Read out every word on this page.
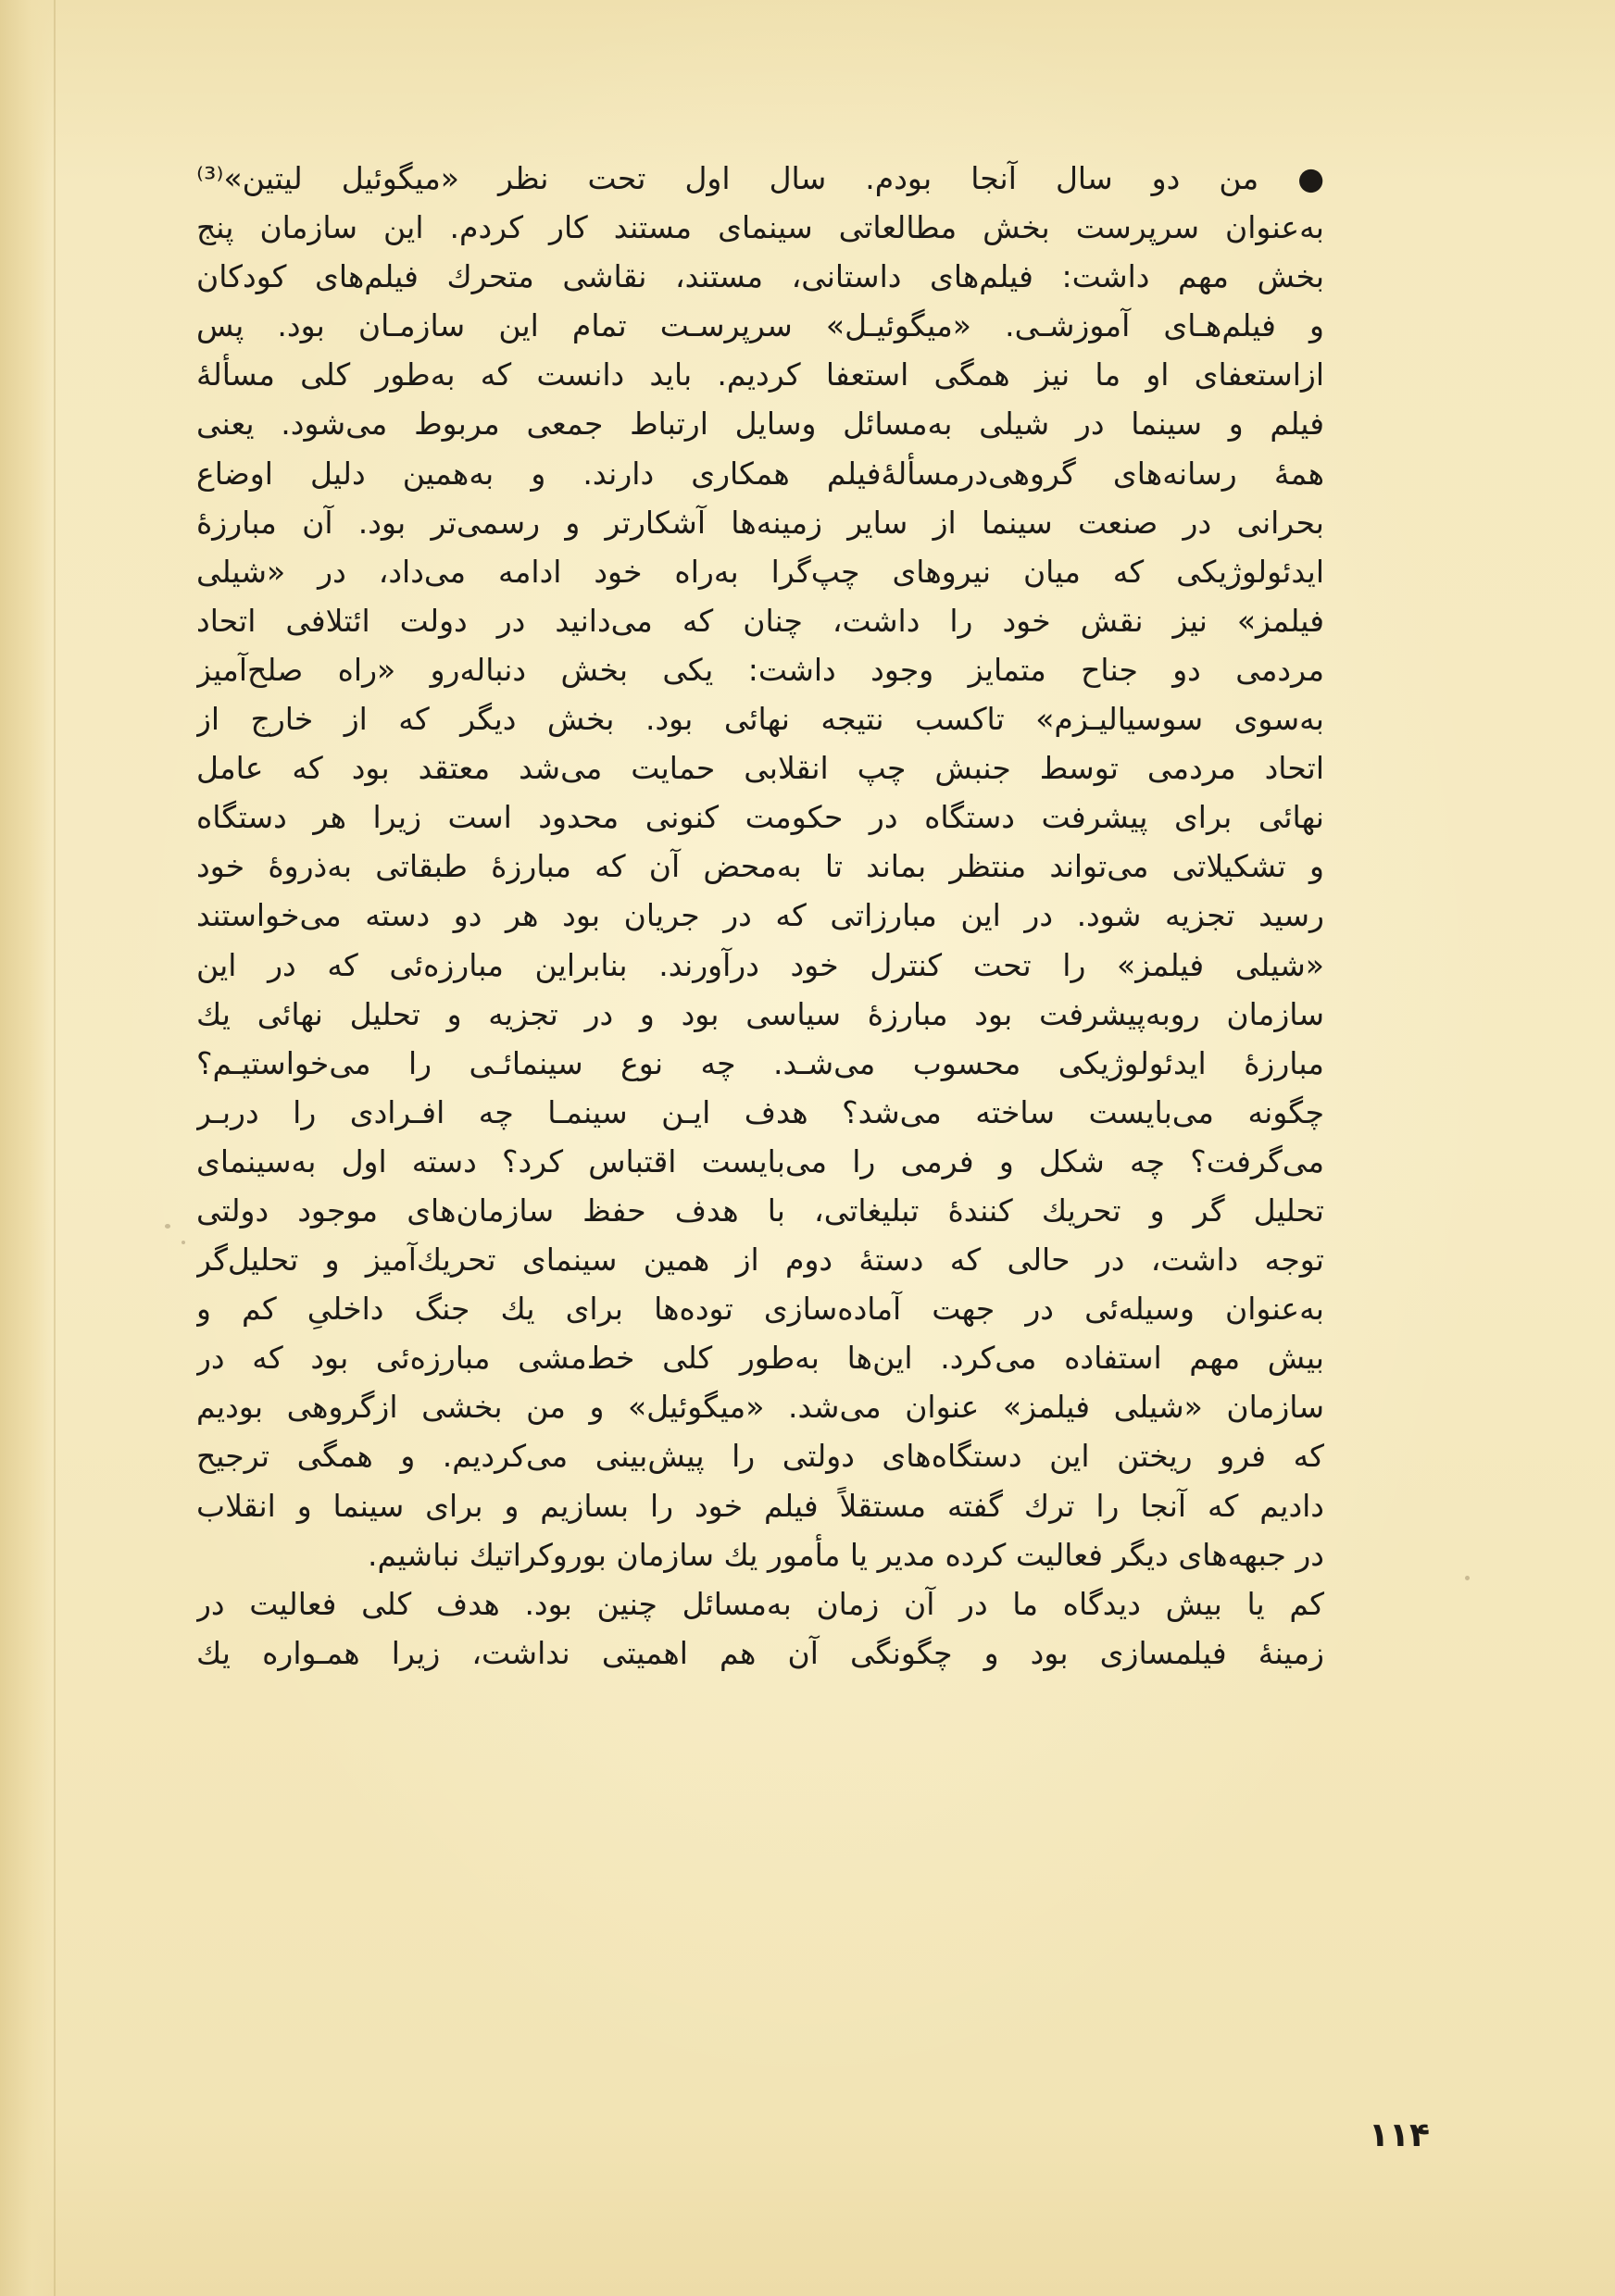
● من دو سال آنجا بودم. سال اول تحت نظر «میگوئیل لیتین»⁽³⁾
به‌عنوان سرپرست بخش مطالعاتی سینمای مستند کار کردم. این سازمان پنج
بخش مهم داشت: فیلم‌های داستانی، مستند، نقاشی متحرك فیلم‌های کودکان
و فیلم‌هـای آموزشـی. «میگوئیـل» سرپرسـت تمام این سازمـان بود. پس
ازاستعفای او ما نیز همگی استعفا کردیم. باید دانست که به‌طور کلی مسألۀ
فیلم و سینما در شیلی به‌مسائل وسایل ارتباط جمعی مربوط می‌شود. یعنی
همۀ رسانه‌های گروهی‌درمسألۀفیلم همکاری دارند. و به‌همین دلیل اوضاع
بحرانی در صنعت سینما از سایر زمینه‌ها آشکارتر و رسمی‌تر بود. آن مبارزۀ
ایدئولوژیکی که میان نیروهای چپ‌گرا به‌راه خود ادامه می‌داد، در «شیلی
فیلمز» نیز نقش خود را داشت، چنان که می‌دانید در دولت ائتلافی اتحاد
مردمی دو جناح متمایز وجود داشت: یکی بخش دنباله‌رو «راه صلح‌آمیز
به‌سوی سوسیالیـزم» تاکسب نتیجه نهائی بود. بخش دیگر که از خارج از
اتحاد مردمی توسط جنبش چپ انقلابی حمایت می‌شد معتقد بود که عامل
نهائی برای پیشرفت دستگاه در حکومت کنونی محدود است زیرا هر دستگاه
و تشکیلاتی می‌تواند منتظر بماند تا به‌محض آن که مبارزۀ طبقاتی به‌ذروۀ خود
رسید تجزیه شود. در این مبارزاتی که در جریان بود هر دو دسته می‌خواستند
«شیلی فیلمز» را تحت کنترل خود درآورند. بنابراین مبارزه‌ئی که در این
سازمان روبه‌پیشرفت بود مبارزۀ سیاسی بود و در تجزیه و تحلیل نهائی یك
مبارزۀ ایدئولوژیکی محسوب می‌شـد. چه نوع سینمائـی را می‌خواستیـم؟
چگونه می‌بایست ساخته می‌شد؟ هدف ایـن سینمـا چه افـرادی را دربـر
می‌گرفت؟ چه شکل و فرمی را می‌بایست اقتباس کرد؟ دسته اول به‌سینمای
تحلیل گر و تحریك کنندۀ تبلیغاتی، با هدف حفظ سازمان‌های موجود دولتی
توجه داشت، در حالی که دستۀ دوم از همین سینمای تحریك‌آمیز و تحلیل‌گر
به‌عنوان وسیله‌ئی در جهت آماده‌سازی توده‌ها برای یك جنگ داخلیِ کم و
بیش مهم استفاده می‌کرد. این‌ها به‌طور کلی خط‌مشی مبارزه‌ئی بود که در
سازمان «شیلی فیلمز» عنوان می‌شد. «میگوئیل» و من بخشی ازگروهی بودیم
که فرو ریختن این دستگاه‌های دولتی را پیش‌بینی می‌کردیم. و همگی ترجیح
دادیم که آنجا را ترك گفته مستقلاً فیلم خود را بسازیم و برای سینما و انقلاب
در جبهه‌های دیگر فعالیت کرده مدیر یا مأمور یك سازمان بوروکراتیك نباشیم.
کم یا بیش دیدگاه ما در آن زمان به‌مسائل چنین بود. هدف کلی فعالیت در
زمینۀ فیلمسازی بود و چگونگی آن هم اهمیتی نداشت، زیرا همـواره یك
۱۱۴
